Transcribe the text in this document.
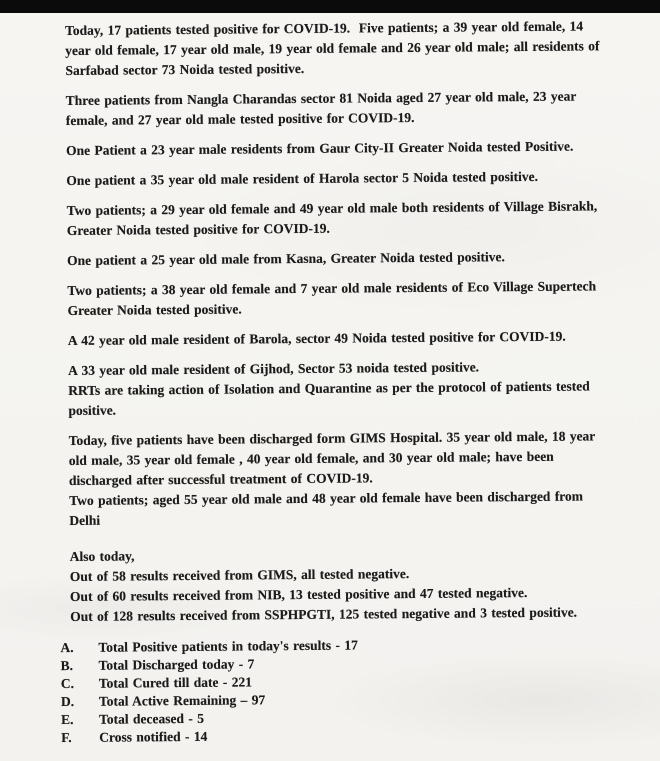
Today, 17 patients tested positive for COVID-19.  Five patients; a 39 year old female, 14
year old female, 17 year old male, 19 year old female and 26 year old male; all residents of
Sarfabad sector 73 Noida tested positive.
Three patients from Nangla Charandas sector 81 Noida aged 27 year old male, 23 year
female, and 27 year old male tested positive for COVID-19.
One Patient a 23 year male residents from Gaur City-II Greater Noida tested Positive.
One patient a 35 year old male resident of Harola sector 5 Noida tested positive.
Two patients; a 29 year old female and 49 year old male both residents of Village Bisrakh,
Greater Noida tested positive for COVID-19.
One patient a 25 year old male from Kasna, Greater Noida tested positive.
Two patients; a 38 year old female and 7 year old male residents of Eco Village Supertech
Greater Noida tested positive.
A 42 year old male resident of Barola, sector 49 Noida tested positive for COVID-19.
A 33 year old male resident of Gijhod, Sector 53 noida tested positive.
RRTs are taking action of Isolation and Quarantine as per the protocol of patients tested
positive.
Today, five patients have been discharged form GIMS Hospital. 35 year old male, 18 year
old male, 35 year old female , 40 year old female, and 30 year old male; have been
discharged after successful treatment of COVID-19.
Two patients; aged 55 year old male and 48 year old female have been discharged from
Delhi
Also today,
Out of 58 results received from GIMS, all tested negative.
Out of 60 results received from NIB, 13 tested positive and 47 tested negative.
Out of 128 results received from SSPHPGTI, 125 tested negative and 3 tested positive.
A.	Total Positive patients in today's results - 17
B.	Total Discharged today - 7
C.	Total Cured till date - 221
D.	Total Active Remaining – 97
E.	Total deceased - 5
F.	Cross notified - 14
